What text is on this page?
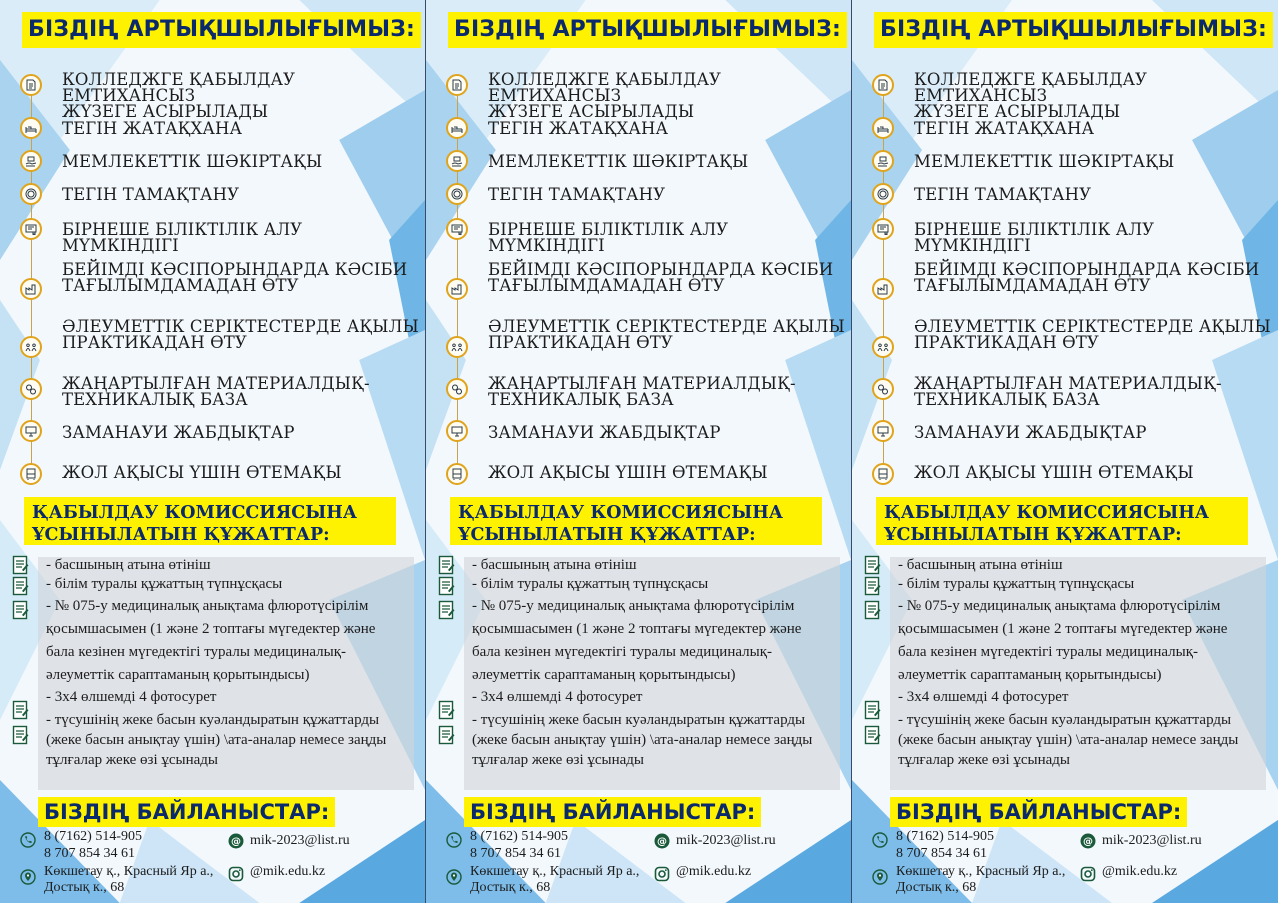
БІЗДІҢ АРТЫҚШЫЛЫҒЫМЫЗ:
КОЛЛЕДЖГЕ ҚАБЫЛДАУ ЕМТИХАНСЫЗ
ЖҮЗЕГЕ АСЫРЫЛАДЫ
ТЕГІН ЖАТАҚХАНА
МЕМЛЕКЕТТІК ШӘКІРТАҚЫ
ТЕГІН ТАМАҚТАНУ
БІРНЕШЕ БІЛІКТІЛІК АЛУ МҮМКІНДІГІ
БЕЙІМДІ КӘСІПОРЫНДАРДА КӘСІБИ
ТАҒЫЛЫМДАМАДАН ӨТУ
ӘЛЕУМЕТТІК СЕРІКТЕСТЕРДЕ АҚЫЛЫ
ПРАКТИКАДАН ӨТУ
ЖАҢАРТЫЛҒАН МАТЕРИАЛДЫҚ-
ТЕХНИКАЛЫҚ БАЗА
ЗАМАНАУИ ЖАБДЫҚТАР
ЖОЛ АҚЫСЫ ҮШІН ӨТЕМАҚЫ
ҚАБЫЛДАУ КОМИССИЯСЫНА
ҰСЫНЫЛАТЫН ҚҰЖАТТАР:
- басшының атына өтініш
- білім туралы құжаттың түпнұсқасы
- № 075-у медициналық анықтама флюротүсірілім
қосымшасымен (1 және 2 топтағы мүгедектер және
бала кезінен мүгедектігі туралы медициналық-
әлеуметтік сараптаманың қорытындысы)
- 3х4 өлшемді 4 фотосурет
- түсушінің жеке басын куәландыратын құжаттарды
(жеке басын анықтау үшін) \ата-аналар немесе заңды
тұлғалар жеке өзі ұсынады
БІЗДІҢ БАЙЛАНЫСТАР:
8 (7162) 514-905
8 707 854 34 61
@ mik-2023@list.ru
Көкшетау қ., Красный Яр а.,
Достық к., 68
@mik.edu.kz
БІЗДІҢ АРТЫҚШЫЛЫҒЫМЫЗ:
КОЛЛЕДЖГЕ ҚАБЫЛДАУ ЕМТИХАНСЫЗ
ЖҮЗЕГЕ АСЫРЫЛАДЫ
ТЕГІН ЖАТАҚХАНА
МЕМЛЕКЕТТІК ШӘКІРТАҚЫ
ТЕГІН ТАМАҚТАНУ
БІРНЕШЕ БІЛІКТІЛІК АЛУ МҮМКІНДІГІ
БЕЙІМДІ КӘСІПОРЫНДАРДА КӘСІБИ
ТАҒЫЛЫМДАМАДАН ӨТУ
ӘЛЕУМЕТТІК СЕРІКТЕСТЕРДЕ АҚЫЛЫ
ПРАКТИКАДАН ӨТУ
ЖАҢАРТЫЛҒАН МАТЕРИАЛДЫҚ-
ТЕХНИКАЛЫҚ БАЗА
ЗАМАНАУИ ЖАБДЫҚТАР
ЖОЛ АҚЫСЫ ҮШІН ӨТЕМАҚЫ
ҚАБЫЛДАУ КОМИССИЯСЫНА
ҰСЫНЫЛАТЫН ҚҰЖАТТАР:
- басшының атына өтініш
- білім туралы құжаттың түпнұсқасы
- № 075-у медициналық анықтама флюротүсірілім
қосымшасымен (1 және 2 топтағы мүгедектер және
бала кезінен мүгедектігі туралы медициналық-
әлеуметтік сараптаманың қорытындысы)
- 3х4 өлшемді 4 фотосурет
- түсушінің жеке басын куәландыратын құжаттарды
(жеке басын анықтау үшін) \ата-аналар немесе заңды
тұлғалар жеке өзі ұсынады
БІЗДІҢ БАЙЛАНЫСТАР:
8 (7162) 514-905
8 707 854 34 61
@ mik-2023@list.ru
Көкшетау қ., Красный Яр а.,
Достық к., 68
@mik.edu.kz
БІЗДІҢ АРТЫҚШЫЛЫҒЫМЫЗ:
КОЛЛЕДЖГЕ ҚАБЫЛДАУ ЕМТИХАНСЫЗ
ЖҮЗЕГЕ АСЫРЫЛАДЫ
ТЕГІН ЖАТАҚХАНА
МЕМЛЕКЕТТІК ШӘКІРТАҚЫ
ТЕГІН ТАМАҚТАНУ
БІРНЕШЕ БІЛІКТІЛІК АЛУ МҮМКІНДІГІ
БЕЙІМДІ КӘСІПОРЫНДАРДА КӘСІБИ
ТАҒЫЛЫМДАМАДАН ӨТУ
ӘЛЕУМЕТТІК СЕРІКТЕСТЕРДЕ АҚЫЛЫ
ПРАКТИКАДАН ӨТУ
ЖАҢАРТЫЛҒАН МАТЕРИАЛДЫҚ-
ТЕХНИКАЛЫҚ БАЗА
ЗАМАНАУИ ЖАБДЫҚТАР
ЖОЛ АҚЫСЫ ҮШІН ӨТЕМАҚЫ
ҚАБЫЛДАУ КОМИССИЯСЫНА
ҰСЫНЫЛАТЫН ҚҰЖАТТАР:
- басшының атына өтініш
- білім туралы құжаттың түпнұсқасы
- № 075-у медициналық анықтама флюротүсірілім
қосымшасымен (1 және 2 топтағы мүгедектер және
бала кезінен мүгедектігі туралы медициналық-
әлеуметтік сараптаманың қорытындысы)
- 3х4 өлшемді 4 фотосурет
- түсушінің жеке басын куәландыратын құжаттарды
(жеке басын анықтау үшін) \ата-аналар немесе заңды
тұлғалар жеке өзі ұсынады
БІЗДІҢ БАЙЛАНЫСТАР:
8 (7162) 514-905
8 707 854 34 61
@ mik-2023@list.ru
Көкшетау қ., Красный Яр а.,
Достық к., 68
@mik.edu.kz
